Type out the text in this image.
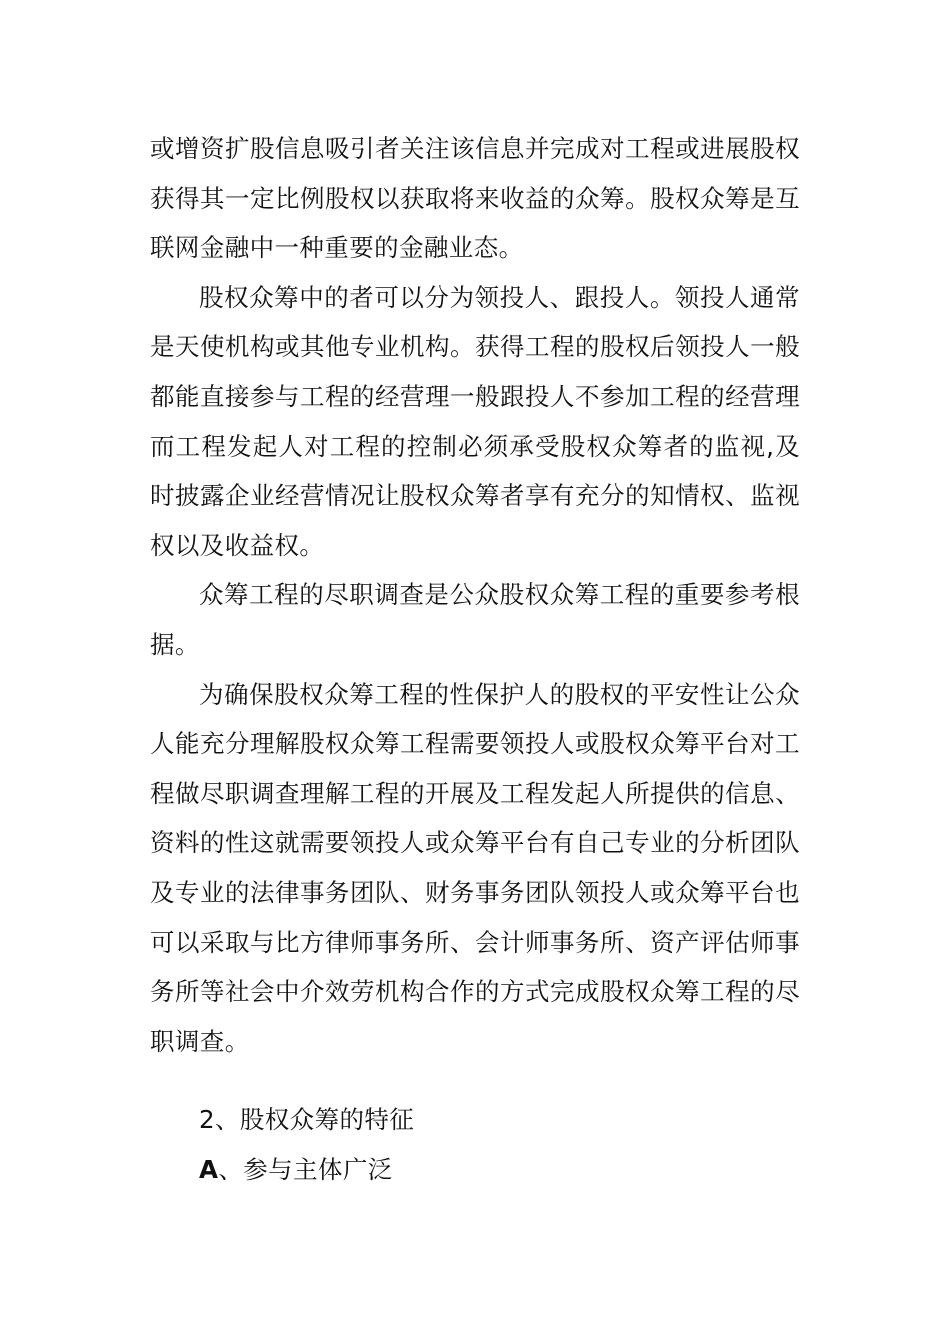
或增资扩股信息吸引者关注该信息并完成对工程或进展股权获得其一定比例股权以获取将来收益的众筹。股权众筹是互联网金融中一种重要的金融业态。

股权众筹中的者可以分为领投人、跟投人。领投人通常是天使机构或其他专业机构。获得工程的股权后领投人一般都能直接参与工程的经营理一般跟投人不参加工程的经营理而工程发起人对工程的控制必须承受股权众筹者的监视,及时披露企业经营情况让股权众筹者享有充分的知情权、监视权以及收益权。

众筹工程的尽职调查是公众股权众筹工程的重要参考根据。

为确保股权众筹工程的性保护人的股权的平安性让公众人能充分理解股权众筹工程需要领投人或股权众筹平台对工程做尽职调查理解工程的开展及工程发起人所提供的信息、资料的性这就需要领投人或众筹平台有自己专业的分析团队及专业的法律事务团队、财务事务团队领投人或众筹平台也可以采取与比方律师事务所、会计师事务所、资产评估师事务所等社会中介效劳机构合作的方式完成股权众筹工程的尽职调查。

2、股权众筹的特征

A、参与主体广泛
